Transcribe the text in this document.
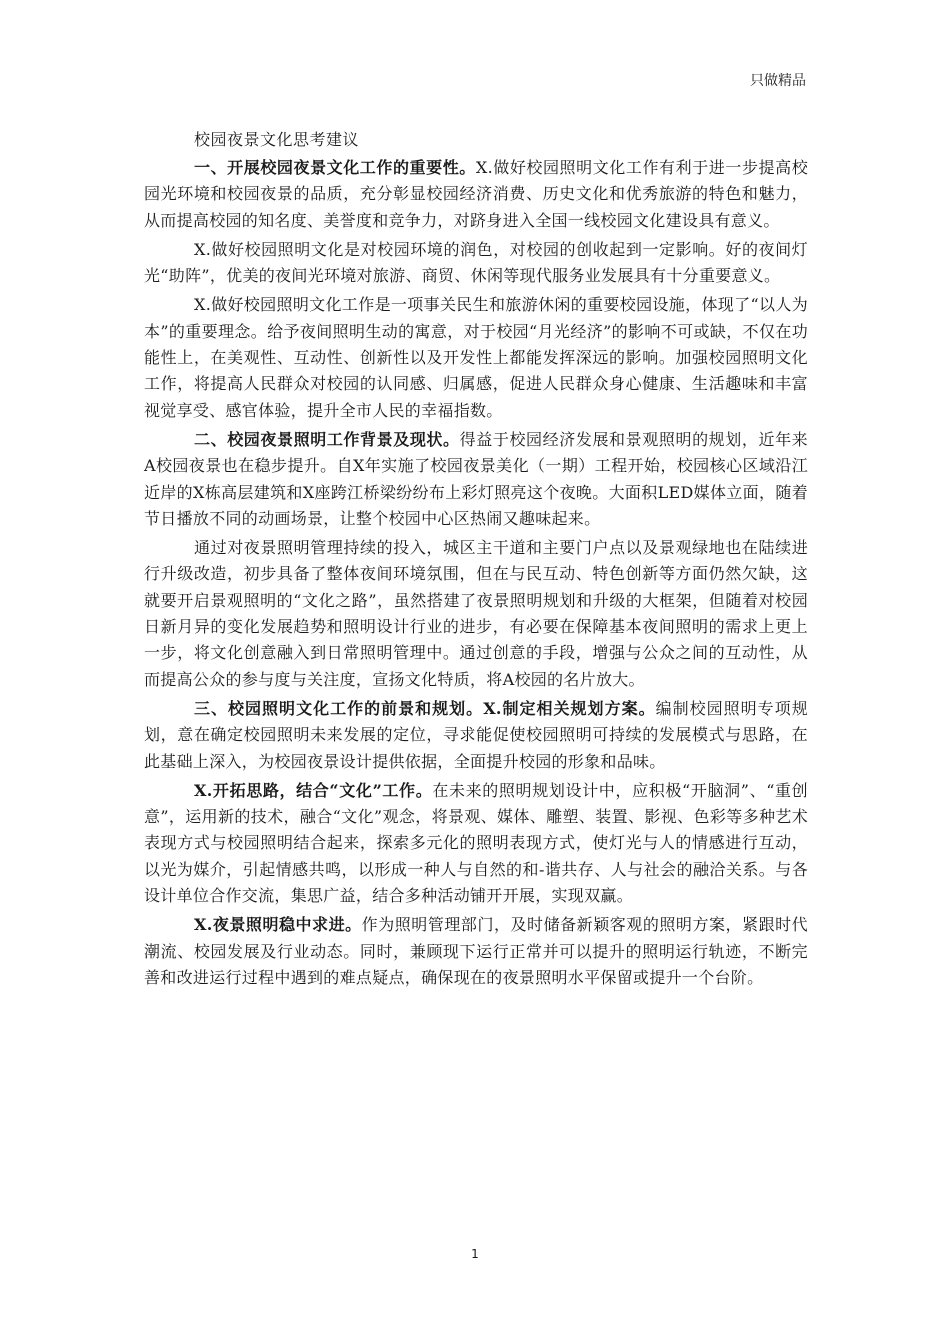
只做精品
校园夜景文化思考建议

一、开展校园夜景文化工作的重要性。X.做好校园照明文化工作有利于进一步提高校园光环境和校园夜景的品质，充分彰显校园经济消费、历史文化和优秀旅游的特色和魅力，从而提高校园的知名度、美誉度和竞争力，对跻身进入全国一线校园文化建设具有意义。

X.做好校园照明文化是对校园环境的润色，对校园的创收起到一定影响。好的夜间灯光“助阵”，优美的夜间光环境对旅游、商贸、休闲等现代服务业发展具有十分重要意义。

X.做好校园照明文化工作是一项事关民生和旅游休闲的重要校园设施，体现了“以人为本”的重要理念。给予夜间照明生动的寓意，对于校园“月光经济”的影响不可或缺，不仅在功能性上，在美观性、互动性、创新性以及开发性上都能发挥深远的影响。加强校园照明文化工作，将提高人民群众对校园的认同感、归属感，促进人民群众身心健康、生活趣味和丰富视觉享受、感官体验，提升全市人民的幸福指数。

二、校园夜景照明工作背景及现状。得益于校园经济发展和景观照明的规划，近年来A校园夜景也在稳步提升。自X年实施了校园夜景美化（一期）工程开始，校园核心区域沿江近岸的X栋高层建筑和X座跨江桥梁纷纷布上彩灯照亮这个夜晚。大面积LED媒体立面，随着节日播放不同的动画场景，让整个校园中心区热闹又趣味起来。

通过对夜景照明管理持续的投入，城区主干道和主要门户点以及景观绿地也在陆续进行升级改造，初步具备了整体夜间环境氛围，但在与民互动、特色创新等方面仍然欠缺，这就要开启景观照明的“文化之路”，虽然搭建了夜景照明规划和升级的大框架，但随着对校园日新月异的变化发展趋势和照明设计行业的进步，有必要在保障基本夜间照明的需求上更上一步，将文化创意融入到日常照明管理中。通过创意的手段，增强与公众之间的互动性，从而提高公众的参与度与关注度，宣扬文化特质，将A校园的名片放大。

三、校园照明文化工作的前景和规划。X.制定相关规划方案。编制校园照明专项规划，意在确定校园照明未来发展的定位，寻求能促使校园照明可持续的发展模式与思路，在此基础上深入，为校园夜景设计提供依据，全面提升校园的形象和品味。

X.开拓思路，结合“文化”工作。在未来的照明规划设计中，应积极“开脑洞”、“重创意”，运用新的技术，融合“文化”观念，将景观、媒体、雕塑、装置、影视、色彩等多种艺术表现方式与校园照明结合起来，探索多元化的照明表现方式，使灯光与人的情感进行互动，以光为媒介，引起情感共鸣，以形成一种人与自然的和-谐共存、人与社会的融洽关系。与各设计单位合作交流，集思广益，结合多种活动铺开开展，实现双赢。

X.夜景照明稳中求进。作为照明管理部门，及时储备新颖客观的照明方案，紧跟时代潮流、校园发展及行业动态。同时，兼顾现下运行正常并可以提升的照明运行轨迹，不断完善和改进运行过程中遇到的难点疑点，确保现在的夜景照明水平保留或提升一个台阶。

1
